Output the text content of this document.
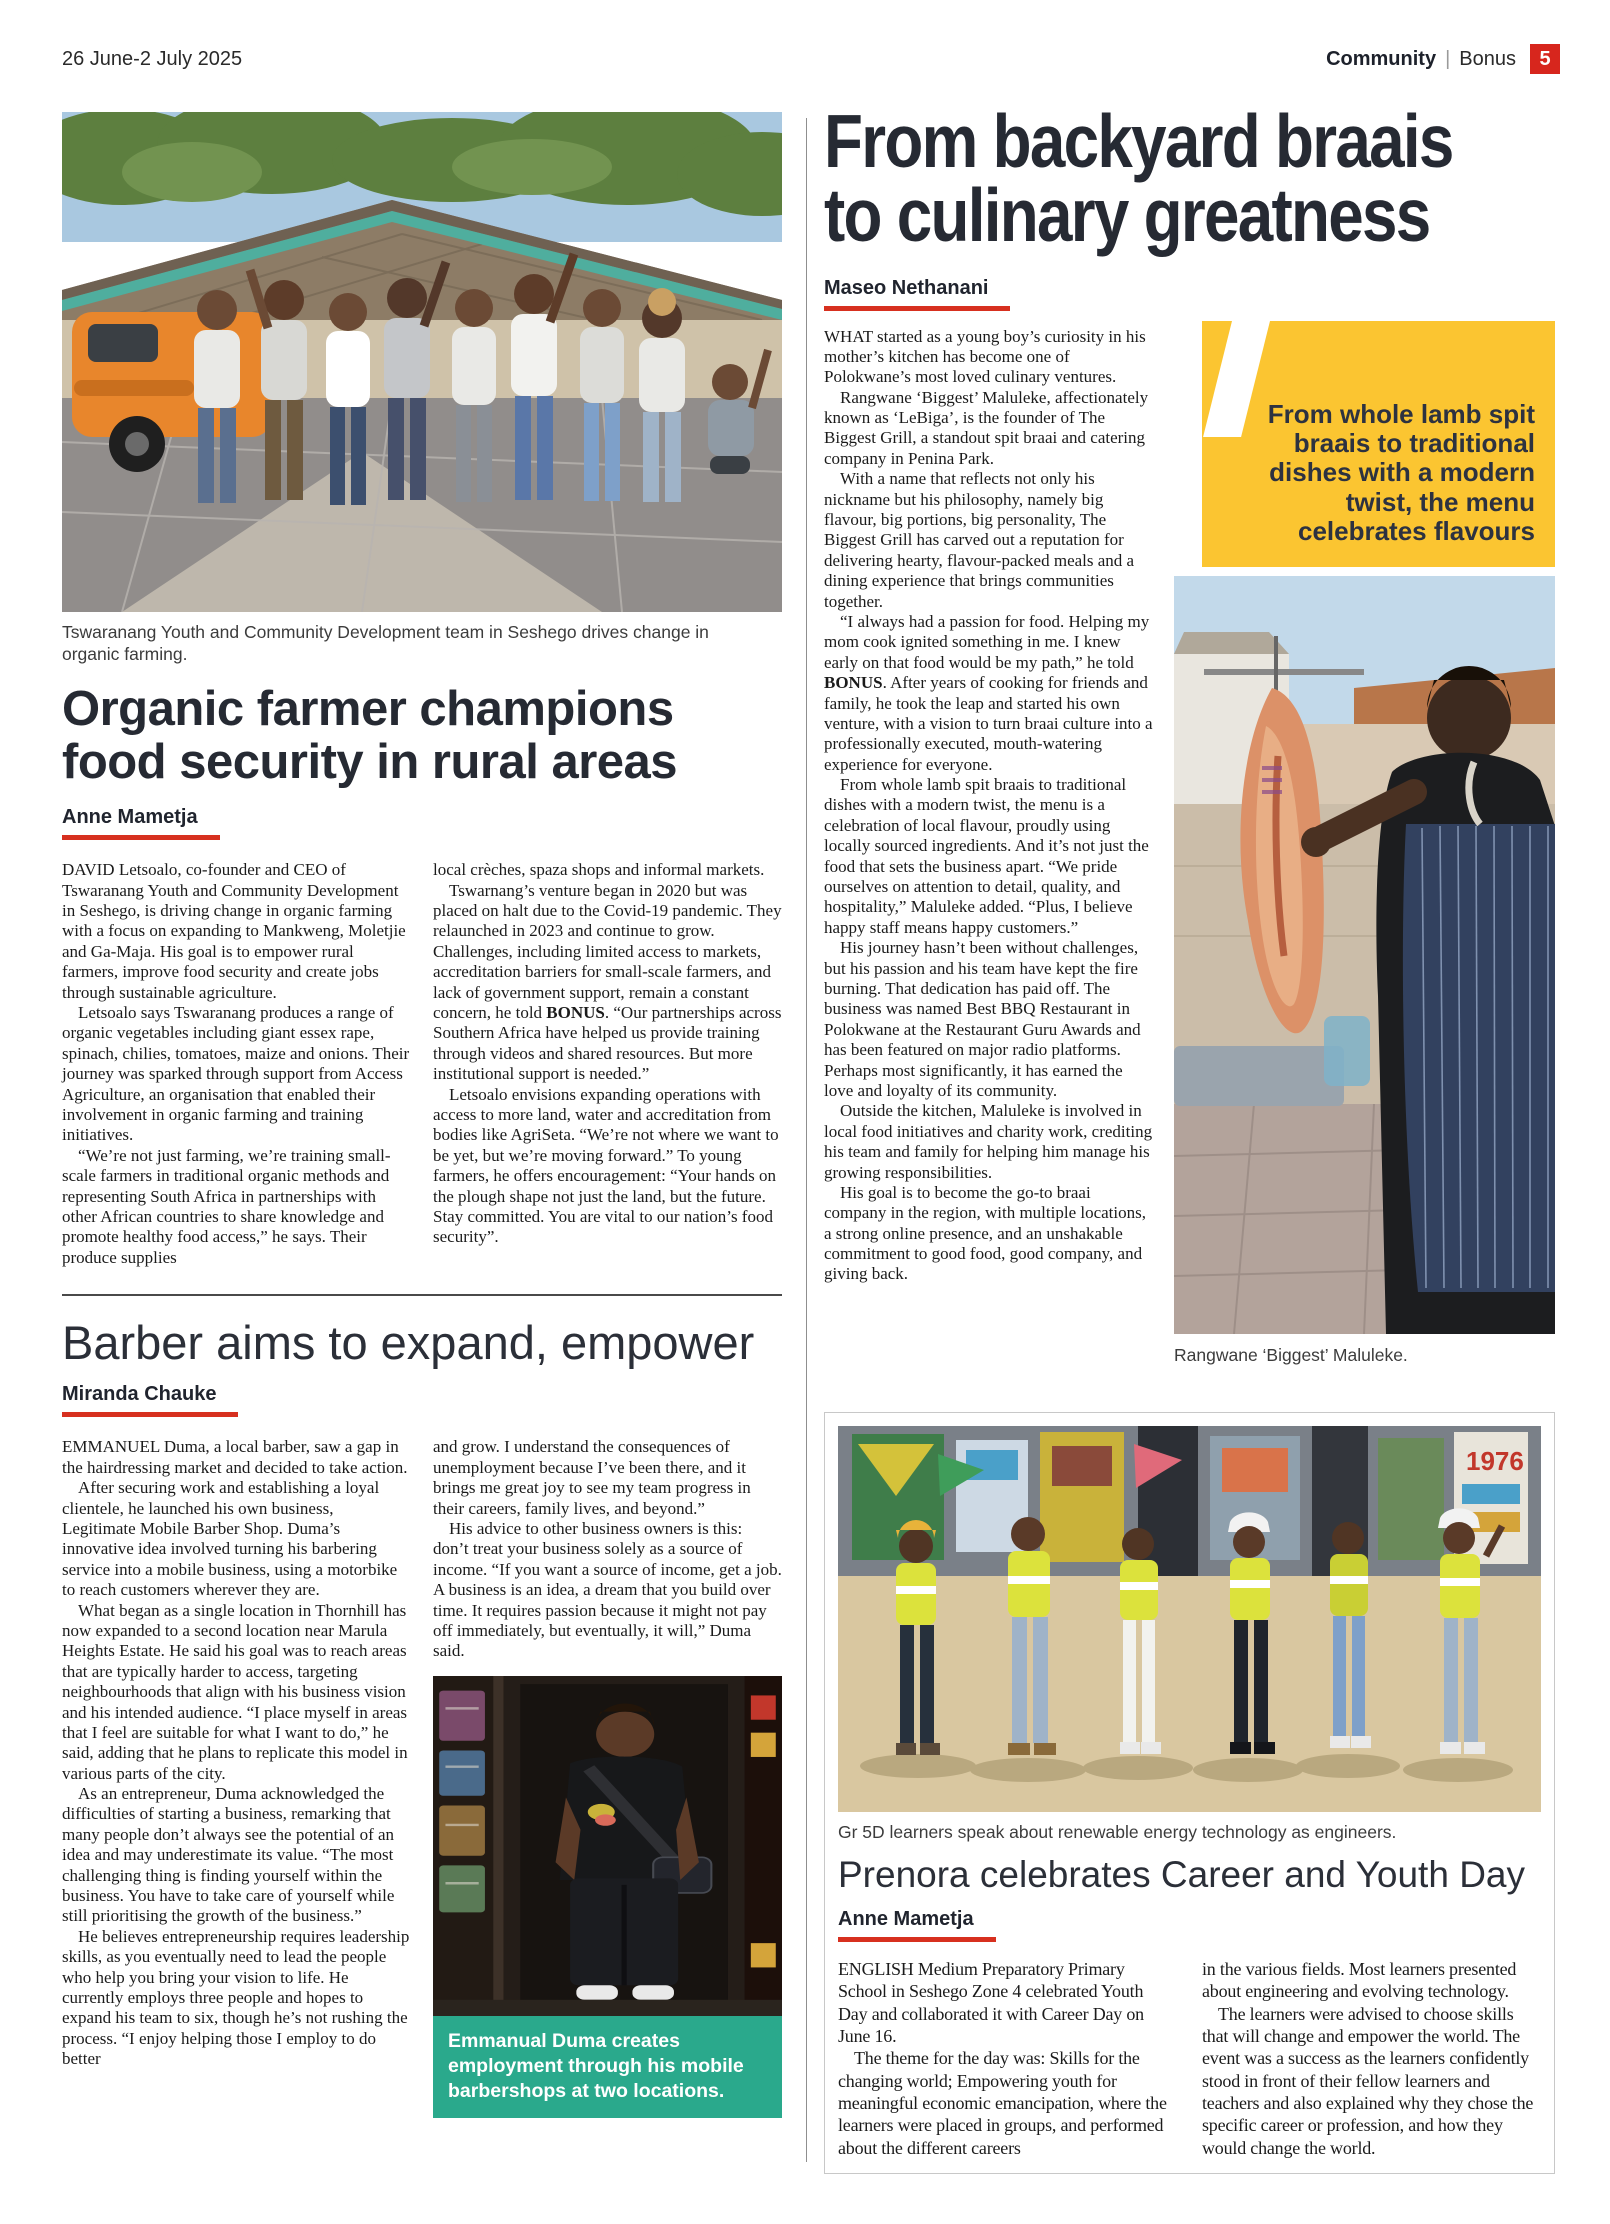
26 June-2 July 2025	Community | Bonus	5
Tswaranang Youth and Community Development team in Seshego drives change in organic farming.
Organic farmer champions food security in rural areas
Anne Mametja

DAVID Letsoalo, co-founder and CEO of Tswaranang Youth and Community Development in Seshego, is driving change in organic farming with a focus on expanding to Mankweng, Moletjie and Ga-Maja. His goal is to empower rural farmers, improve food security and create jobs through sustainable agriculture.

Letsoalo says Tswaranang produces a range of organic vegetables including giant essex rape, spinach, chilies, tomatoes, maize and onions. Their journey was sparked through support from Access Agriculture, an organisation that enabled their involvement in organic farming and training initiatives.

“We’re not just farming, we’re training small-scale farmers in traditional organic methods and representing South Africa in partnerships with other African countries to share knowledge and promote healthy food access,” he says. Their produce supplies

local crèches, spaza shops and informal markets.

Tswarnang’s venture began in 2020 but was placed on halt due to the Covid-19 pandemic. They relaunched in 2023 and continue to grow. Challenges, including limited access to markets, accreditation barriers for small-scale farmers, and lack of government support, remain a constant concern, he told BONUS. “Our partnerships across Southern Africa have helped us provide training through videos and shared resources. But more institutional support is needed.”

Letsoalo envisions expanding operations with access to more land, water and accreditation from bodies like AgriSeta. “We’re not where we want to be yet, but we’re moving forward.” To young farmers, he offers encouragement: “Your hands on the plough shape not just the land, but the future. Stay committed. You are vital to our nation’s food security”.

Barber aims to expand, empower
Miranda Chauke

EMMANUEL Duma, a local barber, saw a gap in the hairdressing market and decided to take action.

After securing work and establishing a loyal clientele, he launched his own business, Legitimate Mobile Barber Shop. Duma’s innovative idea involved turning his barbering service into a mobile business, using a motorbike to reach customers wherever they are.

What began as a single location in Thornhill has now expanded to a second location near Marula Heights Estate. He said his goal was to reach areas that are typically harder to access, targeting neighbourhoods that align with his business vision and his intended audience. “I place myself in areas that I feel are suitable for what I want to do,” he said, adding that he plans to replicate this model in various parts of the city.

As an entrepreneur, Duma acknowledged the difficulties of starting a business, remarking that many people don’t always see the potential of an idea and may underestimate its value. “The most challenging thing is finding yourself within the business. You have to take care of yourself while still prioritising the growth of the business.”

He believes entrepreneurship requires leadership skills, as you eventually need to lead the people who help you bring your vision to life. He currently employs three people and hopes to expand his team to six, though he’s not rushing the process. “I enjoy helping those I employ to do better

and grow. I understand the consequences of unemployment because I’ve been there, and it brings me great joy to see my team progress in their careers, family lives, and beyond.”

His advice to other business owners is this: don’t treat your business solely as a source of income. “If you want a source of income, get a job. A business is an idea, a dream that you build over time. It requires passion because it might not pay off immediately, but eventually, it will,” Duma said.

Emmanual Duma creates employment through his mobile barbershops at two locations.
From backyard braais
to culinary greatness
Maseo Nethanani

WHAT started as a young boy’s curiosity in his mother’s kitchen has become one of Polokwane’s most loved culinary ventures.

Rangwane ‘Biggest’ Maluleke, affectionately known as ‘LeBiga’, is the founder of The Biggest Grill, a standout spit braai and catering company in Penina Park.

With a name that reflects not only his nickname but his philosophy, namely big flavour, big portions, big personality, The Biggest Grill has carved out a reputation for delivering hearty, flavour-packed meals and a dining experience that brings communities together.

“I always had a passion for food. Helping my mom cook ignited something in me. I knew early on that food would be my path,” he told BONUS. After years of cooking for friends and family, he took the leap and started his own venture, with a vision to turn braai culture into a professionally executed, mouth-watering experience for everyone.

From whole lamb spit braais to traditional dishes with a modern twist, the menu is a celebration of local flavour, proudly using locally sourced ingredients. And it’s not just the food that sets the business apart. “We pride ourselves on attention to detail, quality, and hospitality,” Maluleke added. “Plus, I believe happy staff means happy customers.”

His journey hasn’t been without challenges, but his passion and his team have kept the fire burning. That dedication has paid off. The business was named Best BBQ Restaurant in Polokwane at the Restaurant Guru Awards and has been featured on major radio platforms. Perhaps most significantly, it has earned the love and loyalty of its community.

Outside the kitchen, Maluleke is involved in local food initiatives and charity work, crediting his team and family for helping him manage his growing responsibilities.

His goal is to become the go-to braai company in the region, with multiple locations, a strong online presence, and an unshakable commitment to good food, good company, and giving back.

From whole lamb spit braais to traditional dishes with a modern twist, the menu celebrates flavours
Rangwane ‘Biggest’ Maluleke.
1976
Gr 5D learners speak about renewable energy technology as engineers.
Prenora celebrates Career and Youth Day
Anne Mametja

ENGLISH Medium Preparatory Primary School in Seshego Zone 4 celebrated Youth Day and collaborated it with Career Day on June 16.

The theme for the day was: Skills for the changing world; Empowering youth for meaningful economic emancipation, where the learners were placed in groups, and performed about the different careers

in the various fields. Most learners presented about engineering and evolving technology.

The learners were advised to choose skills that will change and empower the world. The event was a success as the learners confidently stood in front of their fellow learners and teachers and also explained why they chose the specific career or profession, and how they would change the world.
